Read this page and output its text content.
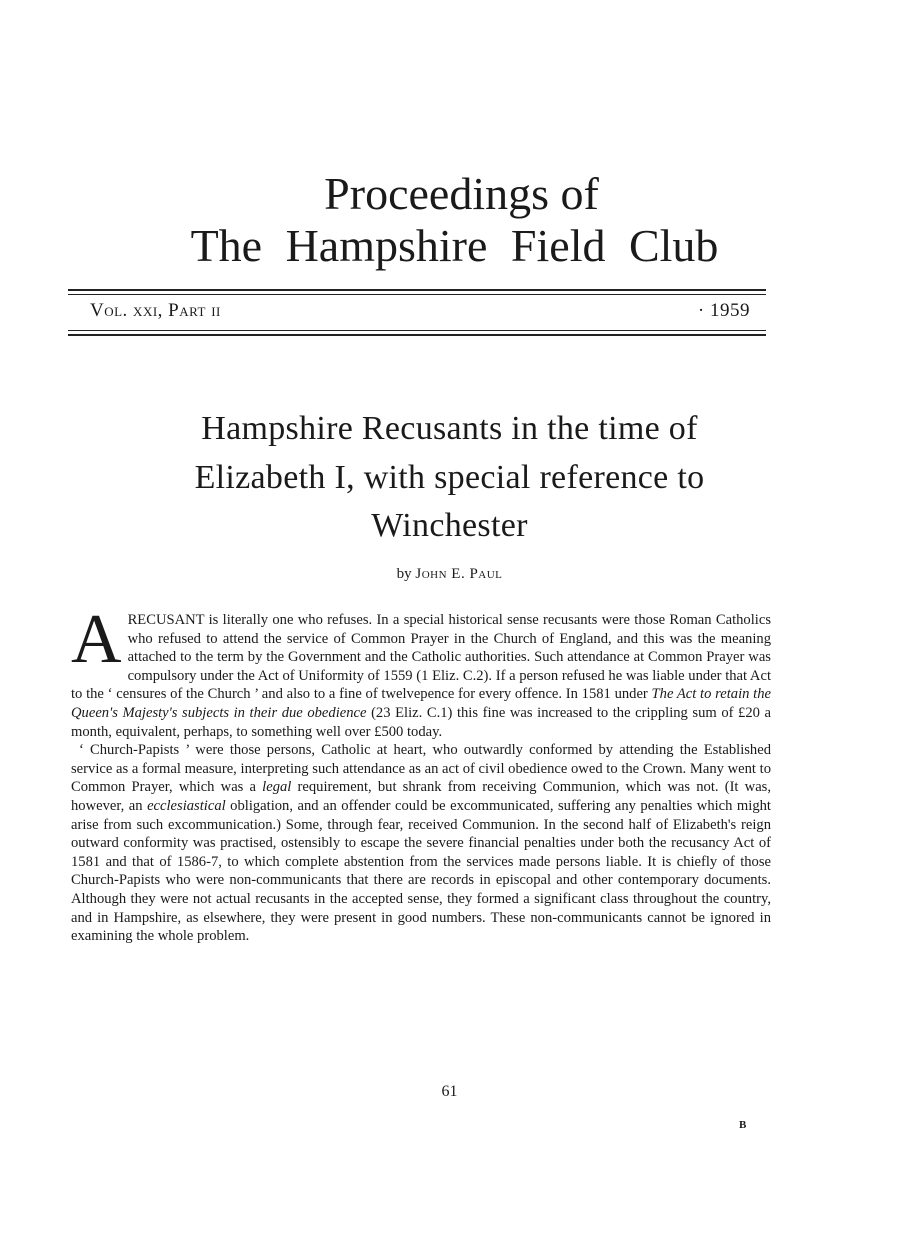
Proceedings of
The Hampshire Field Club
Vol. xxi, Part ii	· 1959
Hampshire Recusants in the time of
Elizabeth I, with special reference to
Winchester
by John E. Paul

A RECUSANT is literally one who refuses. In a special historical sense recusants were those Roman Catholics who refused to attend the service of Common Prayer in the Church of England, and this was the meaning attached to the term by the Government and the Catholic authorities. Such attendance at Common Prayer was compulsory under the Act of Uniformity of 1559 (1 Eliz. C.2). If a person refused he was liable under that Act to the ‘ censures of the Church ’ and also to a fine of twelvepence for every offence. In 1581 under The Act to retain the Queen's Majesty's subjects in their due obedience (23 Eliz. C.1) this fine was increased to the crippling sum of £20 a month, equivalent, perhaps, to something well over £500 today.

‘ Church-Papists ’ were those persons, Catholic at heart, who outwardly conformed by attending the Established service as a formal measure, interpreting such attendance as an act of civil obedience owed to the Crown. Many went to Common Prayer, which was a legal requirement, but shrank from receiving Communion, which was not. (It was, however, an ecclesiastical obligation, and an offender could be excommunicated, suffering any penalties which might arise from such excommunication.) Some, through fear, received Communion. In the second half of Elizabeth's reign outward conformity was practised, ostensibly to escape the severe financial penalties under both the recusancy Act of 1581 and that of 1586-7, to which complete abstention from the services made persons liable. It is chiefly of those Church-Papists who were non-communicants that there are records in episcopal and other contemporary documents. Although they were not actual recusants in the accepted sense, they formed a significant class throughout the country, and in Hampshire, as elsewhere, they were present in good numbers. These non-communicants cannot be ignored in examining the whole problem.

61
B
